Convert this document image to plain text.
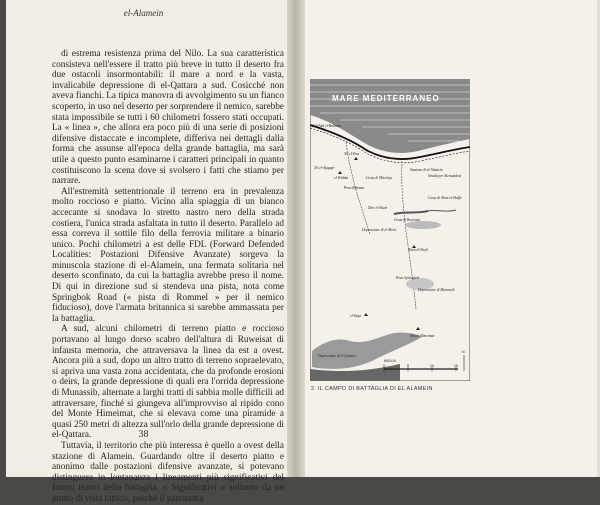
el-Alamein

di estrema resistenza prima del Nilo. La sua caratteristica consisteva nell'essere il tratto più breve in tutto il deserto fra due ostacoli insormontabili: il mare a nord e la vasta, invalicabile depressione di el-Qattara a sud. Cosicché non aveva fianchi. La tipica manovra di avvolgimento su un fianco scoperto, in uso nel deserto per sorprendere il nemico, sarebbe stata impossibile se tutti i 60 chilometri fossero stati occupati. La « linea », che allora era poco più di una serie di posizioni difensive distaccate e incomplete, differiva nei dettagli dalla forma che assunse all'epoca della grande battaglia, ma sarà utile a questo punto esaminarne i caratteri principali in quanto costituiscono la scena dove si svolsero i fatti che stiamo per narrare.

All'estremità settentrionale il terreno era in prevalenza molto roccioso e piatto. Vicino alla spiaggia di un bianco accecante si snodava lo stretto nastro nero della strada costiera, l'unica strada asfaltata in tutto il deserto. Parallelo ad essa correva il sottile filo della ferrovia militare a binario unico. Pochi chilometri a est delle FDL (Forward Defended Localities: Postazioni Difensive Avanzate) sorgeva la minuscola stazione di el-Alamein, una fermata solitaria nel deserto sconfinato, da cui la battaglia avrebbe preso il nome. Di qui in direzione sud si stendeva una pista, nota come Springbok Road (« pista di Rommel » per il nemico fiducioso), dove l'armata britannica si sarebbe ammassata per la battaglia.

A sud, alcuni chilometri di terreno piatto e roccioso portavano al lungo dorso scabro dell'altura di Ruweisat di infausta memoria, che attraversava la linea da est a ovest. Ancora più a sud, dopo un altro tratto di terreno sopraelevato, si apriva una vasta zona accidentata, che da profonde erosioni o deirs, la grande depressione di quali era l'orrida depressione di Munassib, alternate a larghi tratti di sabbia molle difficili ad attraversare, finché si giungeva all'improvviso al ripido cono del Monte Himeimat, che si elevava come una piramide a quasi 250 metri di altezza sull'orlo della grande depressione di el-Qattara.

Tuttavia, il territorio che più interessa è quello a ovest della stazione di Alamein. Guardando oltre il deserto piatto e anonimo dalle postazioni difensive avanzate, si potevano distinguere in lontananza i lineamenti più significativi del futuro teatro della battaglia. « Significativi » soltanto da un punto di vista tattico, poiché il panorama

38
MARE MEDITERRANEO
Sidi Abd el-Rahman
Tel el-Aqqaqir
Tel el-Eisa
Stazione di el-Alamein
Strada per Alessandria
Pista Rahman
Costa di Miteiriya
el-Wishka
Deir el-Shein
Costa di Ruweisat
Depressione di el-Mreir
Costa di Alam el-Halfa
Alam el-Nayil
Pista Springbok
Depressione di Munassib
el-Taqa
Monte Himeimat
Depressione di el-Qattara
MIGLIA
0	5	10	15
N
2. IL CAMPO DI BATTAGLIA DI EL ALAMEIN
